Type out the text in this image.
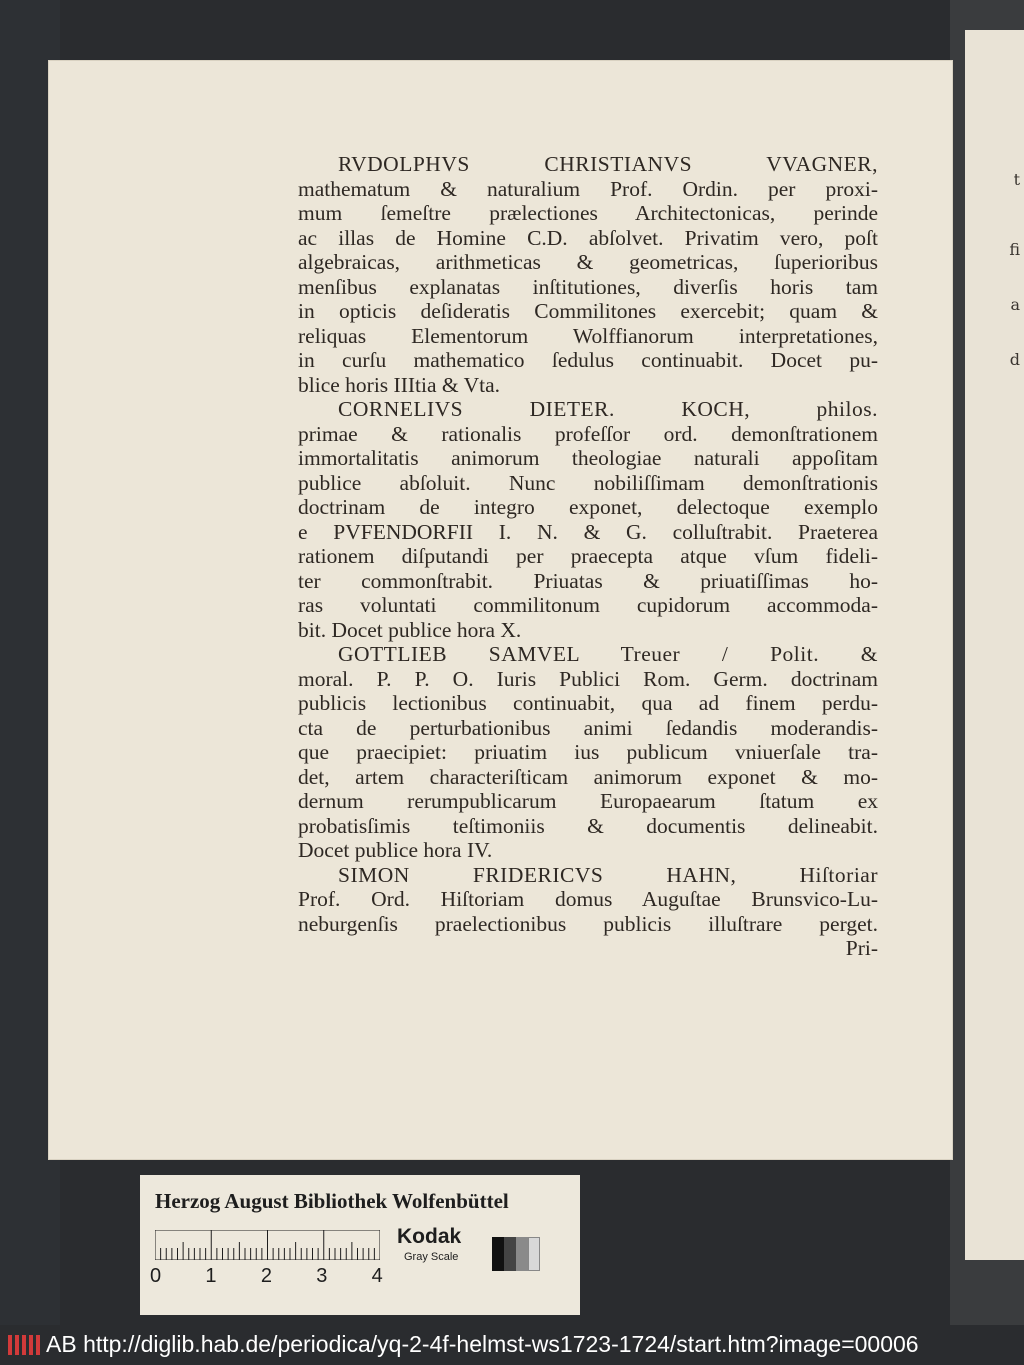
t
fi
a
d
RVDOLPHVS CHRISTIANVS VVAGNER,
mathematum & naturalium Prof. Ordin. per proxi-
mum ſemeſtre prælectiones Architectonicas, perinde
ac illas de Homine C.D. abſolvet. Privatim vero, poſt
algebraicas, arithmeticas & geometricas, ſuperioribus
menſibus explanatas inſtitutiones, diverſis horis tam
in opticis deſideratis Commilitones exercebit; quam &
reliquas Elementorum Wolffianorum interpretationes,
in curſu mathematico ſedulus continuabit. Docet pu-
blice horis IIItia & Vta.
CORNELIVS DIETER. KOCH, philos.
primae & rationalis profeſſor ord. demonſtrationem
immortalitatis animorum theologiae naturali appoſitam
publice abſoluit. Nunc nobiliſſimam demonſtrationis
doctrinam de integro exponet, delectoque exemplo
e PVFENDORFII I. N. & G. colluſtrabit. Praeterea
rationem diſputandi per praecepta atque vſum fideli-
ter commonſtrabit. Priuatas & priuatiſſimas ho-
ras voluntati commilitonum cupidorum accommoda-
bit. Docet publice hora X.
GOTTLIEB SAMVEL Treuer / Polit. &
moral. P. P. O. Iuris Publici Rom. Germ. doctrinam
publicis lectionibus continuabit, qua ad finem perdu-
cta de perturbationibus animi ſedandis moderandis-
que praecipiet: priuatim ius publicum vniuerſale tra-
det, artem characteriſticam animorum exponet & mo-
dernum rerumpublicarum Europaearum ſtatum ex
probatisſimis teſtimoniis & documentis delineabit.
Docet publice hora IV.
SIMON FRIDERICVS HAHN, Hiſtoriar
Prof. Ord. Hiſtoriam domus Auguſtae Brunsvico-Lu-
neburgenſis praelectionibus publicis illuſtrare perget.
Pri-
Herzog August Bibliothek Wolfenbüttel
Kodak
Gray Scale
0 1 2 3 4
AB http://diglib.hab.de/periodica/yq-2-4f-helmst-ws1723-1724/start.htm?image=00006
